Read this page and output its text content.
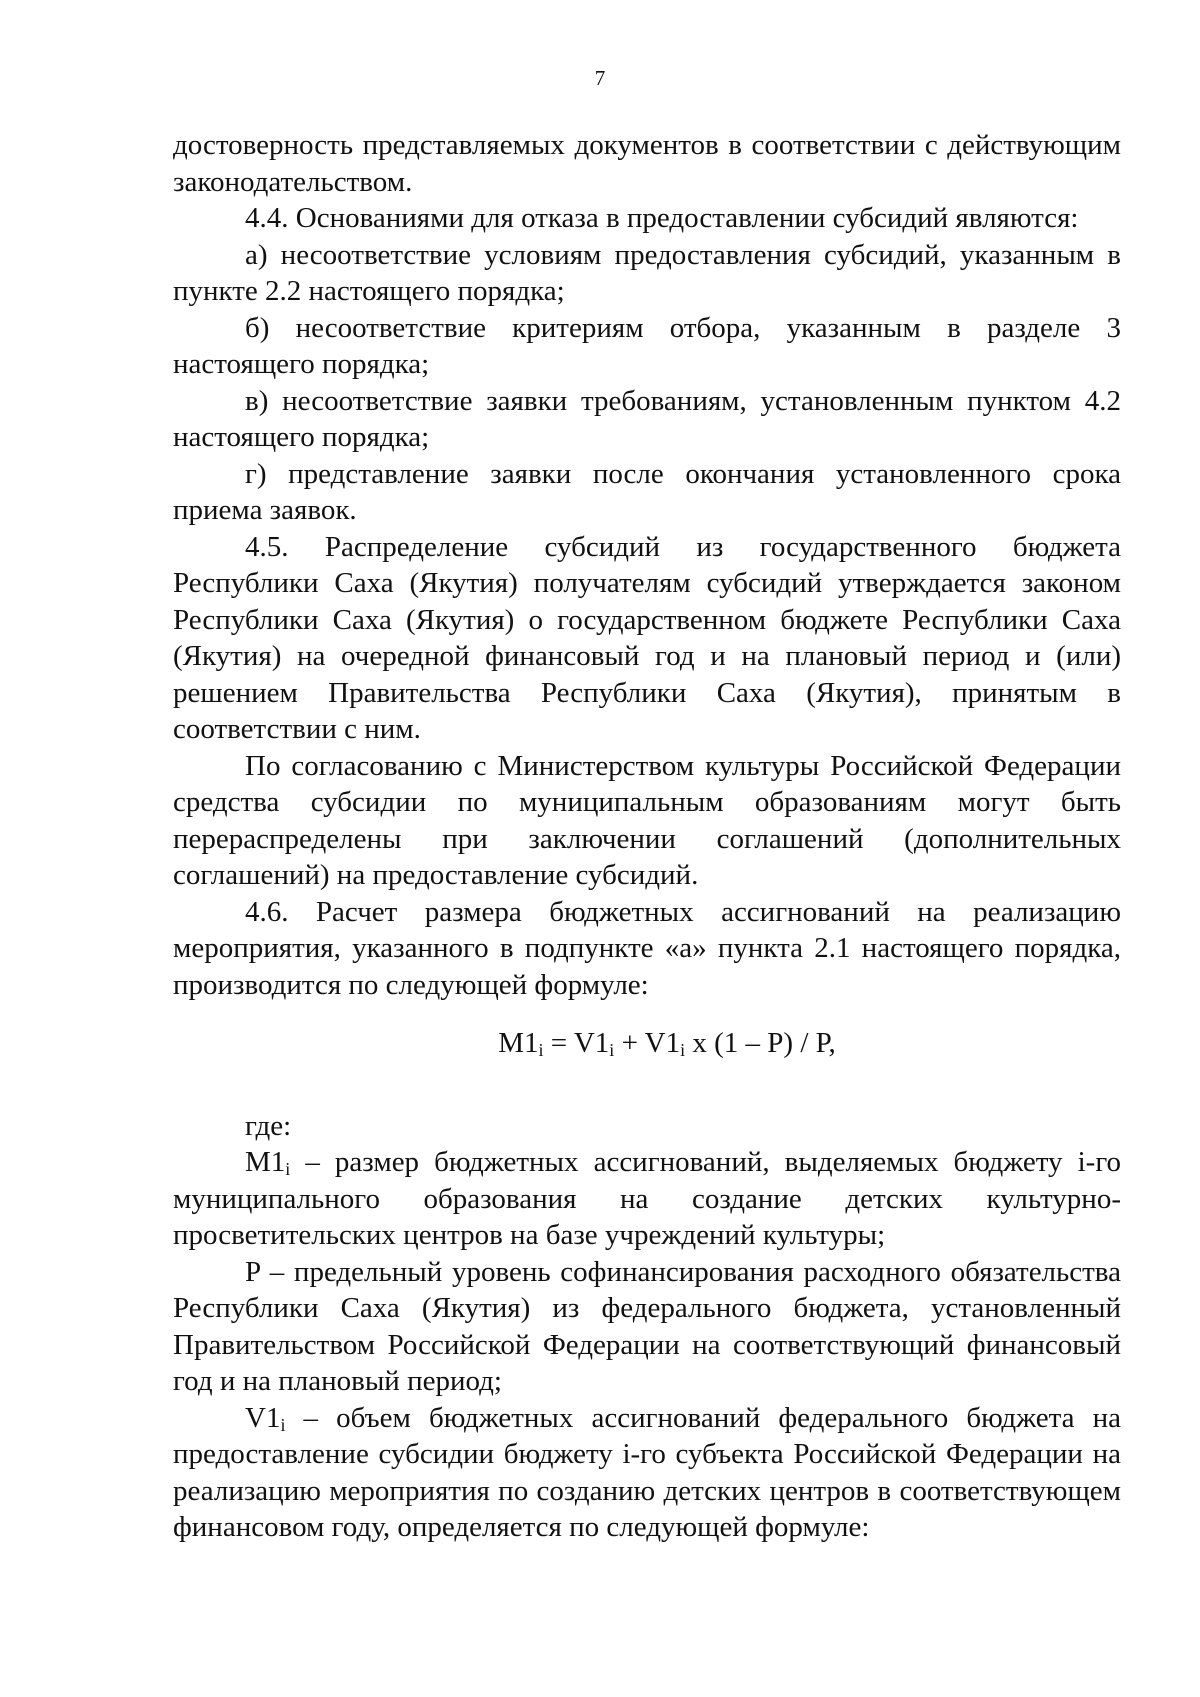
7

достоверность представляемых документов в соответствии с действующим законодательством.

4.4. Основаниями для отказа в предоставлении субсидий являются:

а) несоответствие условиям предоставления субсидий, указанным в пункте 2.2 настоящего порядка;

б) несоответствие критериям отбора, указанным в разделе 3 настоящего порядка;

в) несоответствие заявки требованиям, установленным пунктом 4.2 настоящего порядка;

г) представление заявки после окончания установленного срока приема заявок.

4.5. Распределение субсидий из государственного бюджета Республики Саха (Якутия) получателям субсидий утверждается законом Республики Саха (Якутия) о государственном бюджете Республики Саха (Якутия) на очередной финансовый год и на плановый период и (или) решением Правительства Республики Саха (Якутия), принятым в соответствии с ним.

По согласованию с Министерством культуры Российской Федерации средства субсидии по муниципальным образованиям могут быть перераспределены при заключении соглашений (дополнительных соглашений) на предоставление субсидий.

4.6. Расчет размера бюджетных ассигнований на реализацию мероприятия, указанного в подпункте «а» пункта 2.1 настоящего порядка, производится по следующей формуле:

$M1_i = V1_i + V1_i$ x (1 – P) / P,

где:

$M1_i$ – размер бюджетных ассигнований, выделяемых бюджету i-го муниципального образования на создание детских культурно-просветительских центров на базе учреждений культуры;

P – предельный уровень софинансирования расходного обязательства Республики Саха (Якутия) из федерального бюджета, установленный Правительством Российской Федерации на соответствующий финансовый год и на плановый период;

$V1_i$ – объем бюджетных ассигнований федерального бюджета на предоставление субсидии бюджету i-го субъекта Российской Федерации на реализацию мероприятия по созданию детских центров в соответствующем финансовом году, определяется по следующей формуле:
